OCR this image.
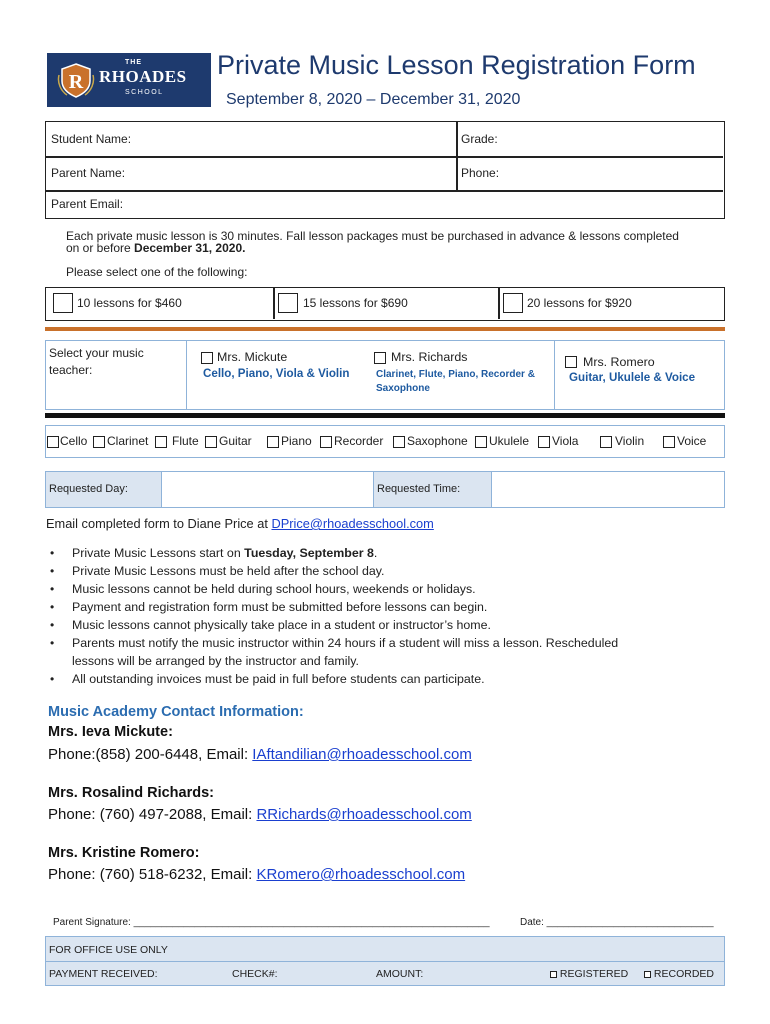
R
THE
RHOADES
SCHOOL
Private Music Lesson Registration Form
September 8, 2020 – December 31, 2020
Student Name:	Grade:
Parent Name:	Phone:
Parent Email:
Each private music lesson is 30 minutes. Fall lesson packages must be purchased in advance & lessons completed
on or before December 31, 2020.
Please select one of the following:
10 lessons for $460	15 lessons for $690	20 lessons for $920
Select your music
teacher:
Mrs. Mickute
Cello, Piano, Viola & Violin
Mrs. Richards
Clarinet, Flute, Piano, Recorder &
Saxophone
Mrs. Romero
Guitar, Ukulele & Voice
Cello	Clarinet	Flute	Guitar	Piano	Recorder	Saxophone	Ukulele	Viola	Violin	Voice
Requested Day:	Requested Time:
Email completed form to Diane Price at DPrice@rhoadesschool.com
• Private Music Lessons start on Tuesday, September 8.
• Private Music Lessons must be held after the school day.
• Music lessons cannot be held during school hours, weekends or holidays.
• Payment and registration form must be submitted before lessons can begin.
• Music lessons cannot physically take place in a student or instructor’s home.
• Parents must notify the music instructor within 24 hours if a student will miss a lesson. Rescheduled
lessons will be arranged by the instructor and family.
• All outstanding invoices must be paid in full before students can participate.
Music Academy Contact Information:
Mrs. Ieva Mickute:
Phone:(858) 200-6448, Email: IAftandilian@rhoadesschool.com
Mrs. Rosalind Richards:
Phone: (760) 497-2088, Email: RRichards@rhoadesschool.com
Mrs. Kristine Romero:
Phone: (760) 518-6232, Email: KRomero@rhoadesschool.com
Parent Signature: ________________________________________________________________	Date: ______________________________
FOR OFFICE USE ONLY
PAYMENT RECEIVED:	CHECK#:	AMOUNT:	REGISTERED	RECORDED
